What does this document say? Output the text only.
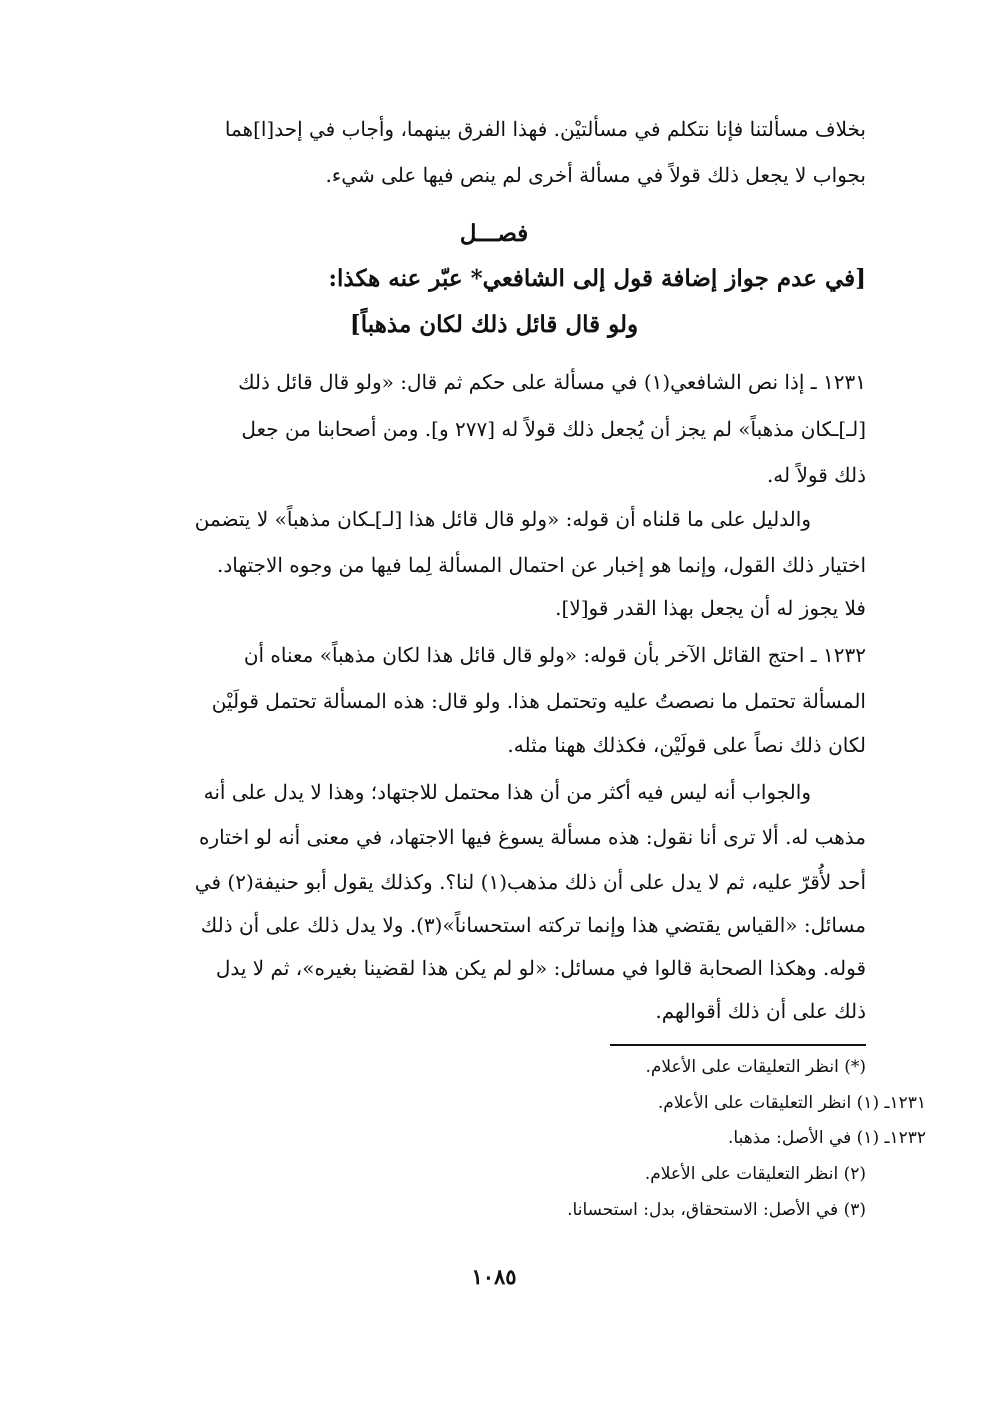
بخلاف مسألتنا فإنا نتكلم في مسألتيْن. فهذا الفرق بينهما، وأجاب في إحد[ا]هما
بجواب لا يجعل ذلك قولاً في مسألة أخرى لم ينص فيها على شيء.
فصـــل
[في عدم جواز إضافة قول إلى الشافعي* عبّر عنه هكذا:
ولو قال قائل ذلك لكان مذهباً]
١٢٣١ ـ إذا نص الشافعي(١) في مسألة على حكم ثم قال: «ولو قال قائل ذلك
[لـ]ـكان مذهباً» لم يجز أن يُجعل ذلك قولاً له [٢٧٧ و]. ومن أصحابنا من جعل
ذلك قولاً له.
والدليل على ما قلناه أن قوله: «ولو قال قائل هذا [لـ]ـكان مذهباً» لا يتضمن
اختيار ذلك القول، وإنما هو إخبار عن احتمال المسألة لِما فيها من وجوه الاجتهاد.
فلا يجوز له أن يجعل بهذا القدر قو[لا].
١٢٣٢ ـ احتج القائل الآخر بأن قوله: «ولو قال قائل هذا لكان مذهباً» معناه أن
المسألة تحتمل ما نصصتُ عليه وتحتمل هذا. ولو قال: هذه المسألة تحتمل قولَيْن
لكان ذلك نصاً على قولَيْن، فكذلك ههنا مثله.
والجواب أنه ليس فيه أكثر من أن هذا محتمل للاجتهاد؛ وهذا لا يدل على أنه
مذهب له. ألا ترى أنا نقول: هذه مسألة يسوغ فيها الاجتهاد، في معنى أنه لو اختاره
أحد لأُقرّ عليه، ثم لا يدل على أن ذلك مذهب(١) لنا؟. وكذلك يقول أبو حنيفة(٢) في
مسائل: «القياس يقتضي هذا وإنما تركته استحساناً»(٣). ولا يدل ذلك على أن ذلك
قوله. وهكذا الصحابة قالوا في مسائل: «لو لم يكن هذا لقضينا بغيره»، ثم لا يدل
ذلك على أن ذلك أقوالهم.
(*) انظر التعليقات على الأعلام.
١٢٣١ـ (١) انظر التعليقات على الأعلام.
١٢٣٢ـ (١) في الأصل: مذهبا.
(٢) انظر التعليقات على الأعلام.
(٣) في الأصل: الاستحقاق، بدل: استحسانا.
١٠٨٥
